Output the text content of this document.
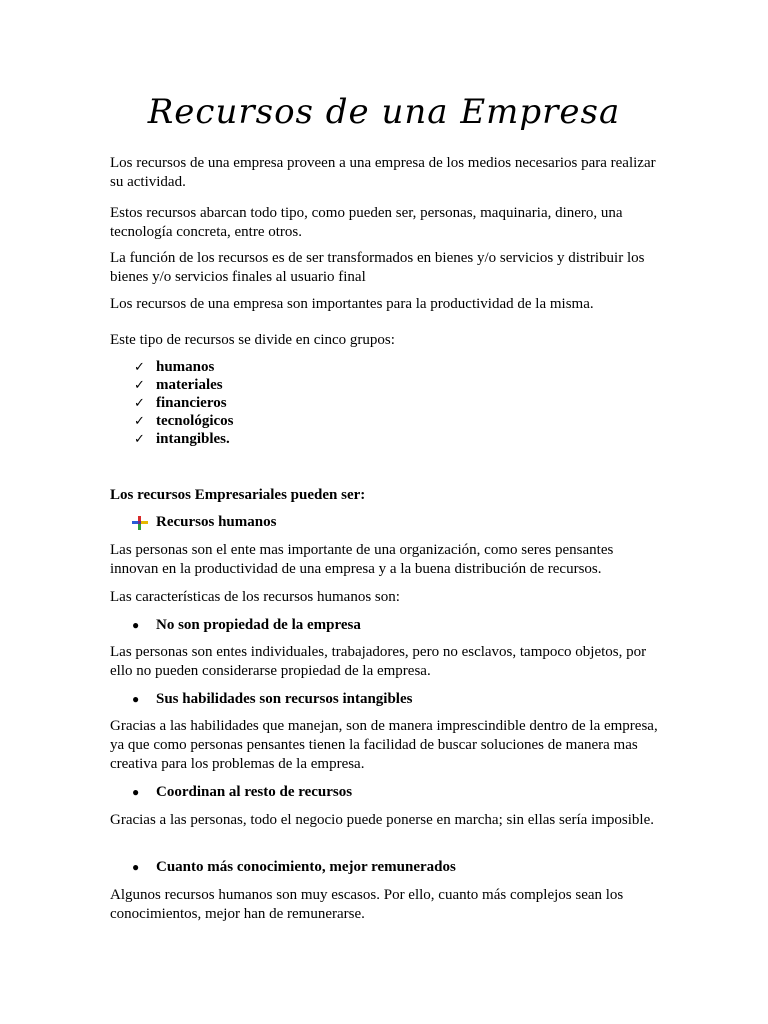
Recursos de una Empresa

Los recursos de una empresa proveen a una empresa de los medios necesarios para realizar su actividad.

Estos recursos abarcan todo tipo, como pueden ser, personas, maquinaria, dinero, una tecnología concreta, entre otros.

La función de los recursos es de ser transformados en bienes y/o servicios y distribuir los bienes y/o servicios finales al usuario final

Los recursos de una empresa son importantes para la productividad de la misma.

Este tipo de recursos se divide en cinco grupos:

✓ humanos
✓ materiales
✓ financieros
✓ tecnológicos
✓ intangibles.

Los recursos Empresariales pueden ser:

Recursos humanos

Las personas son el ente mas importante de una organización, como seres pensantes innovan en la productividad de una empresa y a la buena distribución de recursos.

Las características de los recursos humanos son:

●	No son propiedad de la empresa

Las personas son entes individuales, trabajadores, pero no esclavos, tampoco objetos, por ello no pueden considerarse propiedad de la empresa.

●	Sus habilidades son recursos intangibles

Gracias a las habilidades que manejan, son de manera imprescindible dentro de la empresa, ya que como personas pensantes tienen la facilidad de buscar soluciones de manera mas creativa para los problemas de la empresa.

●	Coordinan al resto de recursos

Gracias a las personas, todo el negocio puede ponerse en marcha; sin ellas sería imposible.

●	Cuanto más conocimiento, mejor remunerados

Algunos recursos humanos son muy escasos. Por ello, cuanto más complejos sean los conocimientos, mejor han de remunerarse.
